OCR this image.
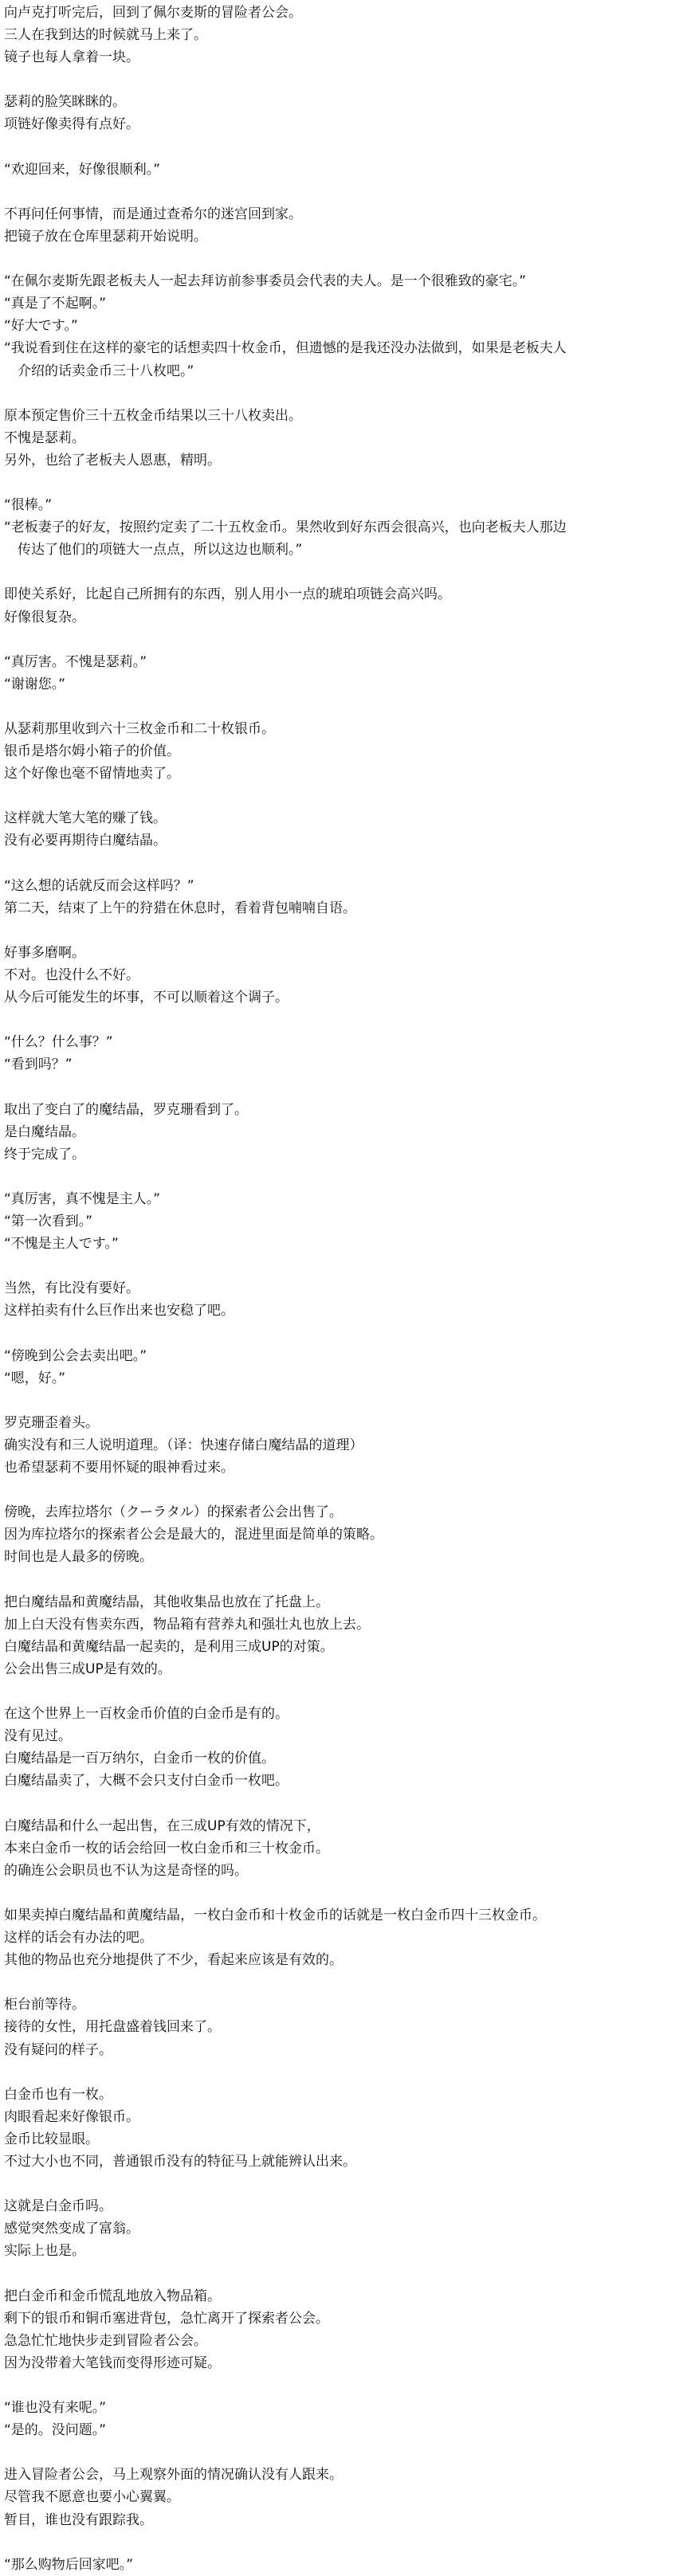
向卢克打听完后，回到了佩尔麦斯的冒险者公会。
三人在我到达的时候就马上来了。
镜子也每人拿着一块。
瑟莉的脸笑眯眯的。
项链好像卖得有点好。
“欢迎回来，好像很顺利。”
不再问任何事情，而是通过查希尔的迷宫回到家。
把镜子放在仓库里瑟莉开始说明。
“在佩尔麦斯先跟老板夫人一起去拜访前参事委员会代表的夫人。是一个很雅致的豪宅。”
“真是了不起啊。”
“好大です。”
“我说看到住在这样的豪宅的话想卖四十枚金币，但遗憾的是我还没办法做到，如果是老板夫人
　介绍的话卖金币三十八枚吧。”
原本预定售价三十五枚金币结果以三十八枚卖出。
不愧是瑟莉。
另外，也给了老板夫人恩惠，精明。
“很棒。”
“老板妻子的好友，按照约定卖了二十五枚金币。果然收到好东西会很高兴，也向老板夫人那边
　传达了他们的项链大一点点，所以这边也顺利。”
即使关系好，比起自己所拥有的东西，别人用小一点的琥珀项链会高兴吗。
好像很复杂。
“真厉害。不愧是瑟莉。”
“谢谢您。”
从瑟莉那里收到六十三枚金币和二十枚银币。
银币是塔尔姆小箱子的价值。
这个好像也毫不留情地卖了。
这样就大笔大笔的赚了钱。
没有必要再期待白魔结晶。
“这么想的话就反而会这样吗？”
第二天，结束了上午的狩猎在休息时，看着背包喃喃自语。
好事多磨啊。
不对。也没什么不好。
从今后可能发生的坏事，不可以顺着这个调子。
“什么？什么事？”
“看到吗？”
取出了变白了的魔结晶，罗克珊看到了。
是白魔结晶。
终于完成了。
“真厉害，真不愧是主人。”
“第一次看到。”
“不愧是主人です。”
当然，有比没有要好。
这样拍卖有什么巨作出来也安稳了吧。
“傍晚到公会去卖出吧。”
“嗯，好。”
罗克珊歪着头。
确实没有和三人说明道理。（译：快速存储白魔结晶的道理）
也希望瑟莉不要用怀疑的眼神看过来。
傍晚，去库拉塔尔（クーラタル）的探索者公会出售了。
因为库拉塔尔的探索者公会是最大的，混进里面是简单的策略。
时间也是人最多的傍晚。
把白魔结晶和黄魔结晶，其他收集品也放在了托盘上。
加上白天没有售卖东西，物品箱有营养丸和强壮丸也放上去。
白魔结晶和黄魔结晶一起卖的，是利用三成UP的对策。
公会出售三成UP是有效的。
在这个世界上一百枚金币价值的白金币是有的。
没有见过。
白魔结晶是一百万纳尔，白金币一枚的价值。
白魔结晶卖了，大概不会只支付白金币一枚吧。
白魔结晶和什么一起出售，在三成UP有效的情况下，
本来白金币一枚的话会给回一枚白金币和三十枚金币。
的确连公会职员也不认为这是奇怪的吗。
如果卖掉白魔结晶和黄魔结晶，一枚白金币和十枚金币的话就是一枚白金币四十三枚金币。
这样的话会有办法的吧。
其他的物品也充分地提供了不少，看起来应该是有效的。
柜台前等待。
接待的女性，用托盘盛着钱回来了。
没有疑问的样子。
白金币也有一枚。
肉眼看起来好像银币。
金币比较显眼。
不过大小也不同，普通银币没有的特征马上就能辨认出来。
这就是白金币吗。
感觉突然变成了富翁。
实际上也是。
把白金币和金币慌乱地放入物品箱。
剩下的银币和铜币塞进背包，急忙离开了探索者公会。
急急忙忙地快步走到冒险者公会。
因为没带着大笔钱而变得形迹可疑。
“谁也没有来呢。”
“是的。没问题。”
进入冒险者公会，马上观察外面的情况确认没有人跟来。
尽管我不愿意也要小心翼翼。
暂目，谁也没有跟踪我。
“那么购物后回家吧。”
